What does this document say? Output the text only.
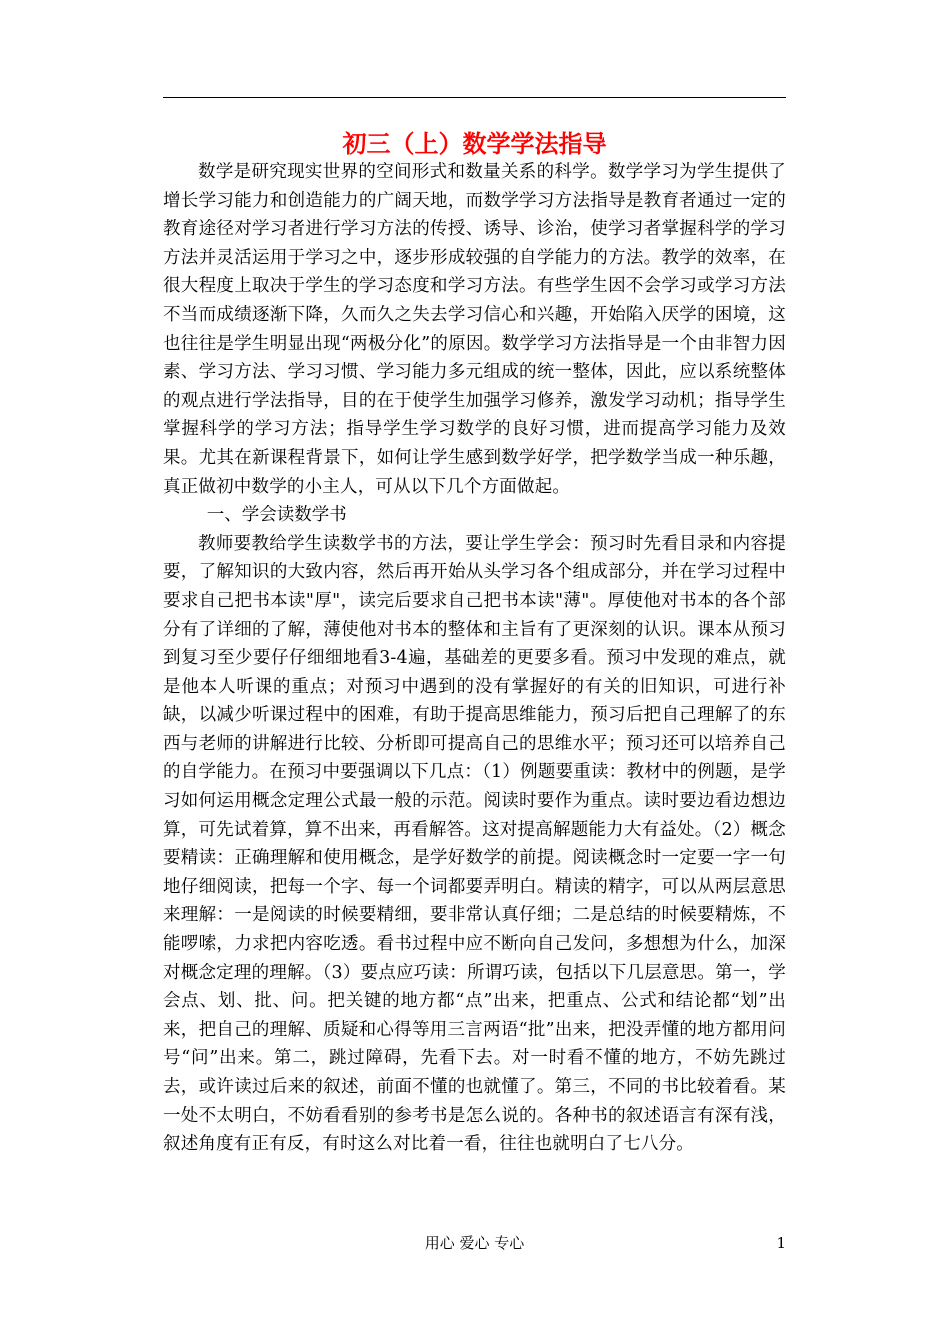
初三（上）数学学法指导

数学是研究现实世界的空间形式和数量关系的科学。数学学习为学生提供了增长学习能力和创造能力的广阔天地，而数学学习方法指导是教育者通过一定的教育途径对学习者进行学习方法的传授、诱导、诊治，使学习者掌握科学的学习方法并灵活运用于学习之中，逐步形成较强的自学能力的方法。教学的效率，在很大程度上取决于学生的学习态度和学习方法。有些学生因不会学习或学习方法不当而成绩逐渐下降，久而久之失去学习信心和兴趣，开始陷入厌学的困境，这也往往是学生明显出现“两极分化”的原因。数学学习方法指导是一个由非智力因素、学习方法、学习习惯、学习能力多元组成的统一整体，因此，应以系统整体的观点进行学法指导，目的在于使学生加强学习修养，激发学习动机；指导学生掌握科学的学习方法；指导学生学习数学的良好习惯，进而提高学习能力及效果。尤其在新课程背景下，如何让学生感到数学好学，把学数学当成一种乐趣，真正做初中数学的小主人，可从以下几个方面做起。

一、学会读数学书

教师要教给学生读数学书的方法，要让学生学会：预习时先看目录和内容提要，了解知识的大致内容，然后再开始从头学习各个组成部分，并在学习过程中要求自己把书本读"厚"，读完后要求自己把书本读"薄"。厚使他对书本的各个部分有了详细的了解，薄使他对书本的整体和主旨有了更深刻的认识。课本从预习到复习至少要仔仔细细地看3-4遍，基础差的更要多看。预习中发现的难点，就是他本人听课的重点；对预习中遇到的没有掌握好的有关的旧知识，可进行补缺，以减少听课过程中的困难，有助于提高思维能力，预习后把自己理解了的东西与老师的讲解进行比较、分析即可提高自己的思维水平；预习还可以培养自己的自学能力。在预习中要强调以下几点：（1）例题要重读：教材中的例题，是学习如何运用概念定理公式最一般的示范。阅读时要作为重点。读时要边看边想边算，可先试着算，算不出来，再看解答。这对提高解题能力大有益处。（2）概念要精读：正确理解和使用概念，是学好数学的前提。阅读概念时一定要一字一句地仔细阅读，把每一个字、每一个词都要弄明白。精读的精字，可以从两层意思来理解：一是阅读的时候要精细，要非常认真仔细；二是总结的时候要精炼，不能啰嗦，力求把内容吃透。看书过程中应不断向自己发问，多想想为什么，加深对概念定理的理解。（3）要点应巧读：所谓巧读，包括以下几层意思。第一，学会点、划、批、问。把关键的地方都“点”出来，把重点、公式和结论都“划”出来，把自己的理解、质疑和心得等用三言两语“批”出来，把没弄懂的地方都用问号“问”出来。第二，跳过障碍，先看下去。对一时看不懂的地方，不妨先跳过去，或许读过后来的叙述，前面不懂的也就懂了。第三，不同的书比较着看。某一处不太明白，不妨看看别的参考书是怎么说的。各种书的叙述语言有深有浅，叙述角度有正有反，有时这么对比着一看，往往也就明白了七八分。

用心 爱心 专心	1
